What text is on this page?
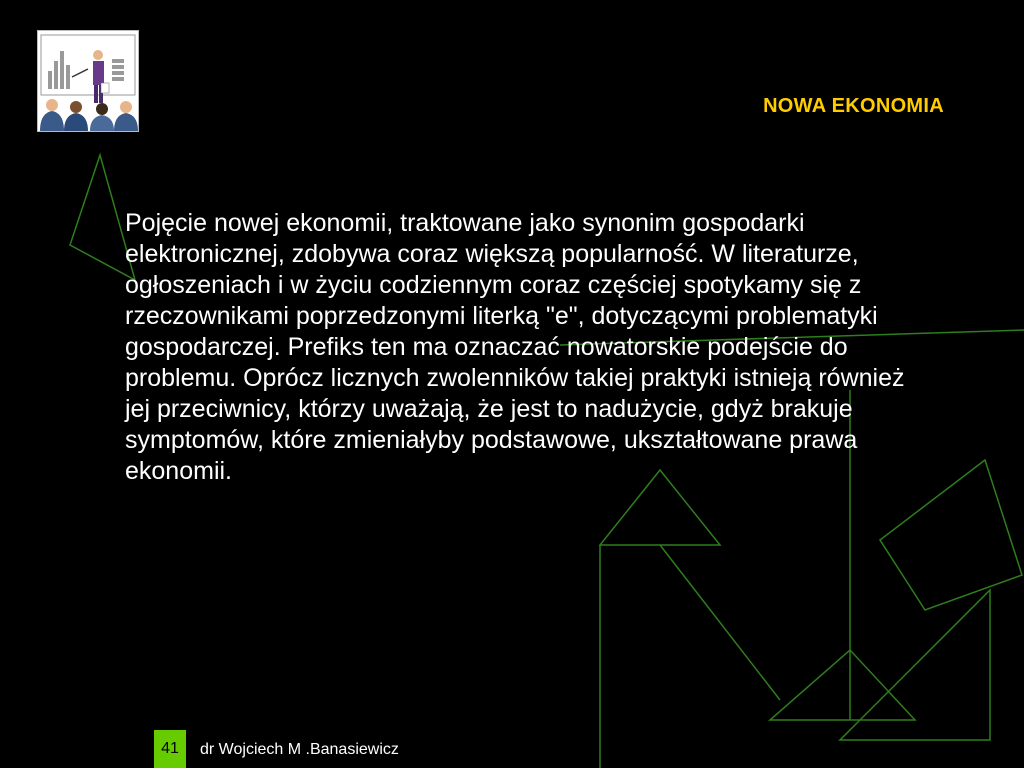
NOWA EKONOMIA

Pojęcie nowej ekonomii, traktowane jako synonim gospodarki elektronicznej, zdobywa coraz większą popularność. W literaturze, ogłoszeniach i w życiu codziennym coraz częściej spotykamy się z rzeczownikami poprzedzonymi literką "e", dotyczącymi problematyki gospodarczej. Prefiks ten ma oznaczać nowatorskie podejście do problemu. Oprócz licznych zwolenników takiej praktyki istnieją również jej przeciwnicy, którzy uważają, że jest to nadużycie, gdyż brakuje symptomów, które zmieniałyby podstawowe, ukształtowane prawa ekonomii.

41	dr Wojciech M .Banasiewicz
